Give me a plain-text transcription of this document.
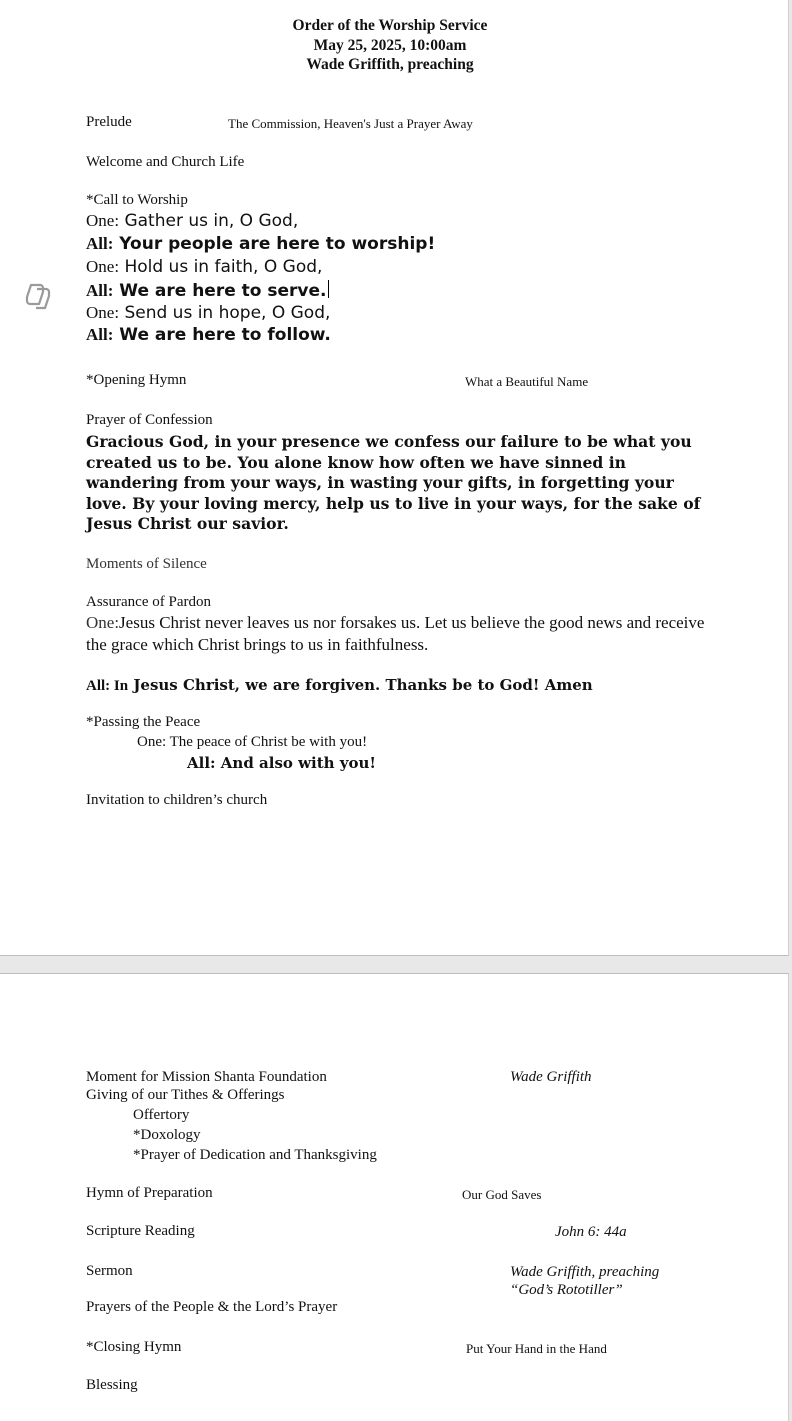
Order of the Worship Service
May 25, 2025, 10:00am
Wade Griffith, preaching
Prelude	The Commission, Heaven's Just a Prayer Away
Welcome and Church Life
*Call to Worship
One: Gather us in, O God,
All: Your people are here to worship!
One: Hold us in faith, O God,
All: We are here to serve.
One: Send us in hope, O God,
All: We are here to follow.
*Opening Hymn	What a Beautiful Name
Prayer of Confession
Gracious God, in your presence we confess our failure to be what you created us to be. You alone know how often we have sinned in wandering from your ways, in wasting your gifts, in forgetting your love. By your loving mercy, help us to live in your ways, for the sake of Jesus Christ our savior.
Moments of Silence
Assurance of Pardon
One:Jesus Christ never leaves us nor forsakes us. Let us believe the good news and receive the grace which Christ brings to us in faithfulness.
All: In Jesus Christ, we are forgiven. Thanks be to God! Amen
*Passing the Peace
One: The peace of Christ be with you!
All: And also with you!
Invitation to children’s church
Moment for Mission Shanta Foundation	Wade Griffith
Giving of our Tithes & Offerings
Offertory
*Doxology
*Prayer of Dedication and Thanksgiving
Hymn of Preparation	Our God Saves
Scripture Reading	John 6: 44a
Sermon	Wade Griffith, preaching
“God’s Rototiller”
Prayers of the People & the Lord’s Prayer
*Closing Hymn	Put Your Hand in the Hand
Blessing
